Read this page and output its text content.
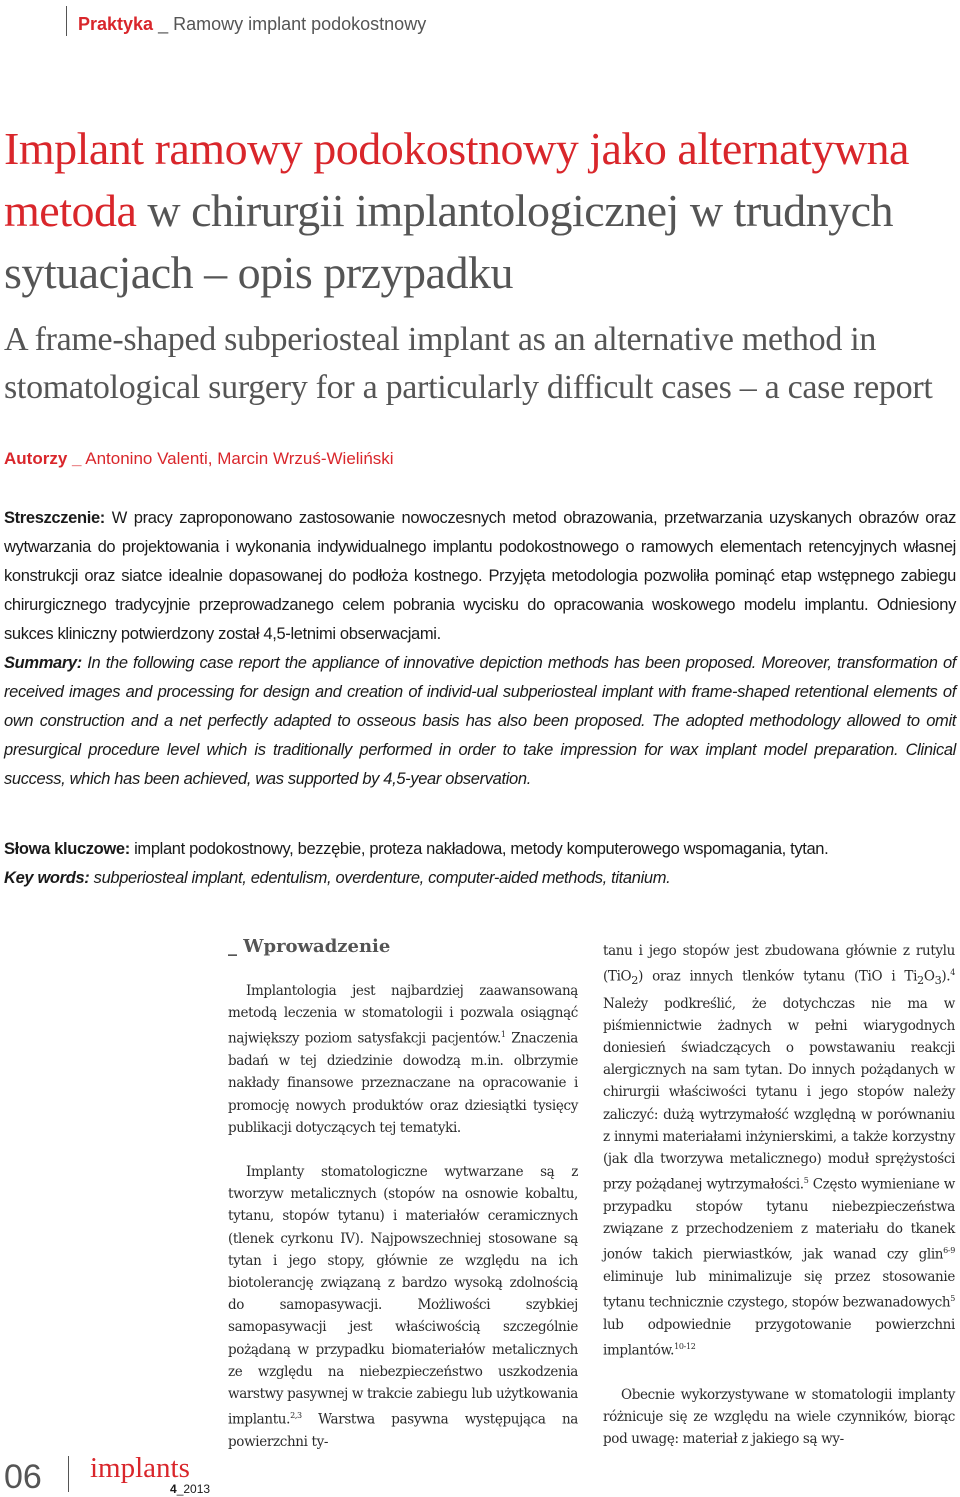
Praktyka _ Ramowy implant podokostnowy
Implant ramowy podokostnowy jako alternatywna metoda w chirurgii implantologicznej w trudnych sytuacjach – opis przypadku
A frame-shaped subperiosteal implant as an alternative method in stomatological surgery for a particularly difficult cases – a case report
Autorzy _ Antonino Valenti, Marcin Wrzuś-Wieliński
Streszczenie: W pracy zaproponowano zastosowanie nowoczesnych metod obrazowania, przetwarzania uzyskanych obrazów oraz wytwarzania do projektowania i wykonania indywidualnego implantu podokostnowego o ramowych elementach retencyjnych własnej konstrukcji oraz siatce idealnie dopasowanej do podłoża kostnego. Przyjęta metodologia pozwoliła pominąć etap wstępnego zabiegu chirurgicznego tradycyjnie przeprowadzanego celem pobrania wycisku do opracowania woskowego modelu implantu. Odniesiony sukces kliniczny potwierdzony został 4,5-letnimi obserwacjami.
Summary: In the following case report the appliance of innovative depiction methods has been proposed. Moreover, transformation of received images and processing for design and creation of individ-ual subperiosteal implant with frame-shaped retentional elements of own construction and a net perfectly adapted to osseous basis has also been proposed. The adopted methodology allowed to omit presurgical procedure level which is traditionally performed in order to take impression for wax implant model preparation. Clinical success, which has been achieved, was supported by 4,5-year observation.
Słowa kluczowe: implant podokostnowy, bezzębie, proteza nakładowa, metody komputerowego wspomagania, tytan.
Key words: subperiosteal implant, edentulism, overdenture, computer-aided methods, titanium.
_ Wprowadzenie

Implantologia jest najbardziej zaawansowaną metodą leczenia w stomatologii i pozwala osiągnąć największy poziom satysfakcji pacjentów.$^1$ Znaczenia badań w tej dziedzinie dowodzą m.in. olbrzymie nakłady finansowe przeznaczane na opracowanie i promocję nowych produktów oraz dziesiątki tysięcy publikacji dotyczących tej tematyki.

Implanty stomatologiczne wytwarzane są z tworzyw metalicznych (stopów na osnowie kobaltu, tytanu, stopów tytanu) i materiałów ceramicznych (tlenek cyrkonu IV). Najpowszechniej stosowane są tytan i jego stopy, głównie ze względu na ich biotolerancję związaną z bardzo wysoką zdolnością do samopasywacji. Możliwości szybkiej samopasywacji jest właściwością szczególnie pożądaną w przypadku biomateriałów metalicznych ze względu na niebezpieczeństwo uszkodzenia warstwy pasywnej w trakcie zabiegu lub użytkowania implantu.$^{2,3}$ Warstwa pasywna występująca na powierzchni ty-

tanu i jego stopów jest zbudowana głównie z rutylu (TiO$_2$) oraz innych tlenków tytanu (TiO i $Ti_2O_3).^4$ Należy podkreślić, że dotychczas nie ma w piśmiennictwie żadnych w pełni wiarygodnych doniesień świadczących o powstawaniu reakcji alergicznych na sam tytan. Do innych pożądanych w chirurgii właściwości tytanu i jego stopów należy zaliczyć: dużą wytrzymałość względną w porównaniu z innymi materiałami inżynierskimi, a także korzystny (jak dla tworzywa metalicznego) moduł sprężystości przy pożądanej wytrzymałości.$^5$ Często wymieniane w przypadku stopów tytanu niebezpieczeństwa związane z przechodzeniem z materiału do tkanek jonów takich pierwiastków, jak wanad czy glin$^{6-9}$ eliminuje lub minimalizuje się przez stosowanie tytanu technicznie czystego, stopów bezwanadowych$^5$ lub odpowiednie przygotowanie powierzchni implantów.$^{10-12}$

Obecnie wykorzystywane w stomatologii implanty różnicuje się ze względu na wiele czynników, biorąc pod uwagę: materiał z jakiego są wy-

06 implants
4_2013
